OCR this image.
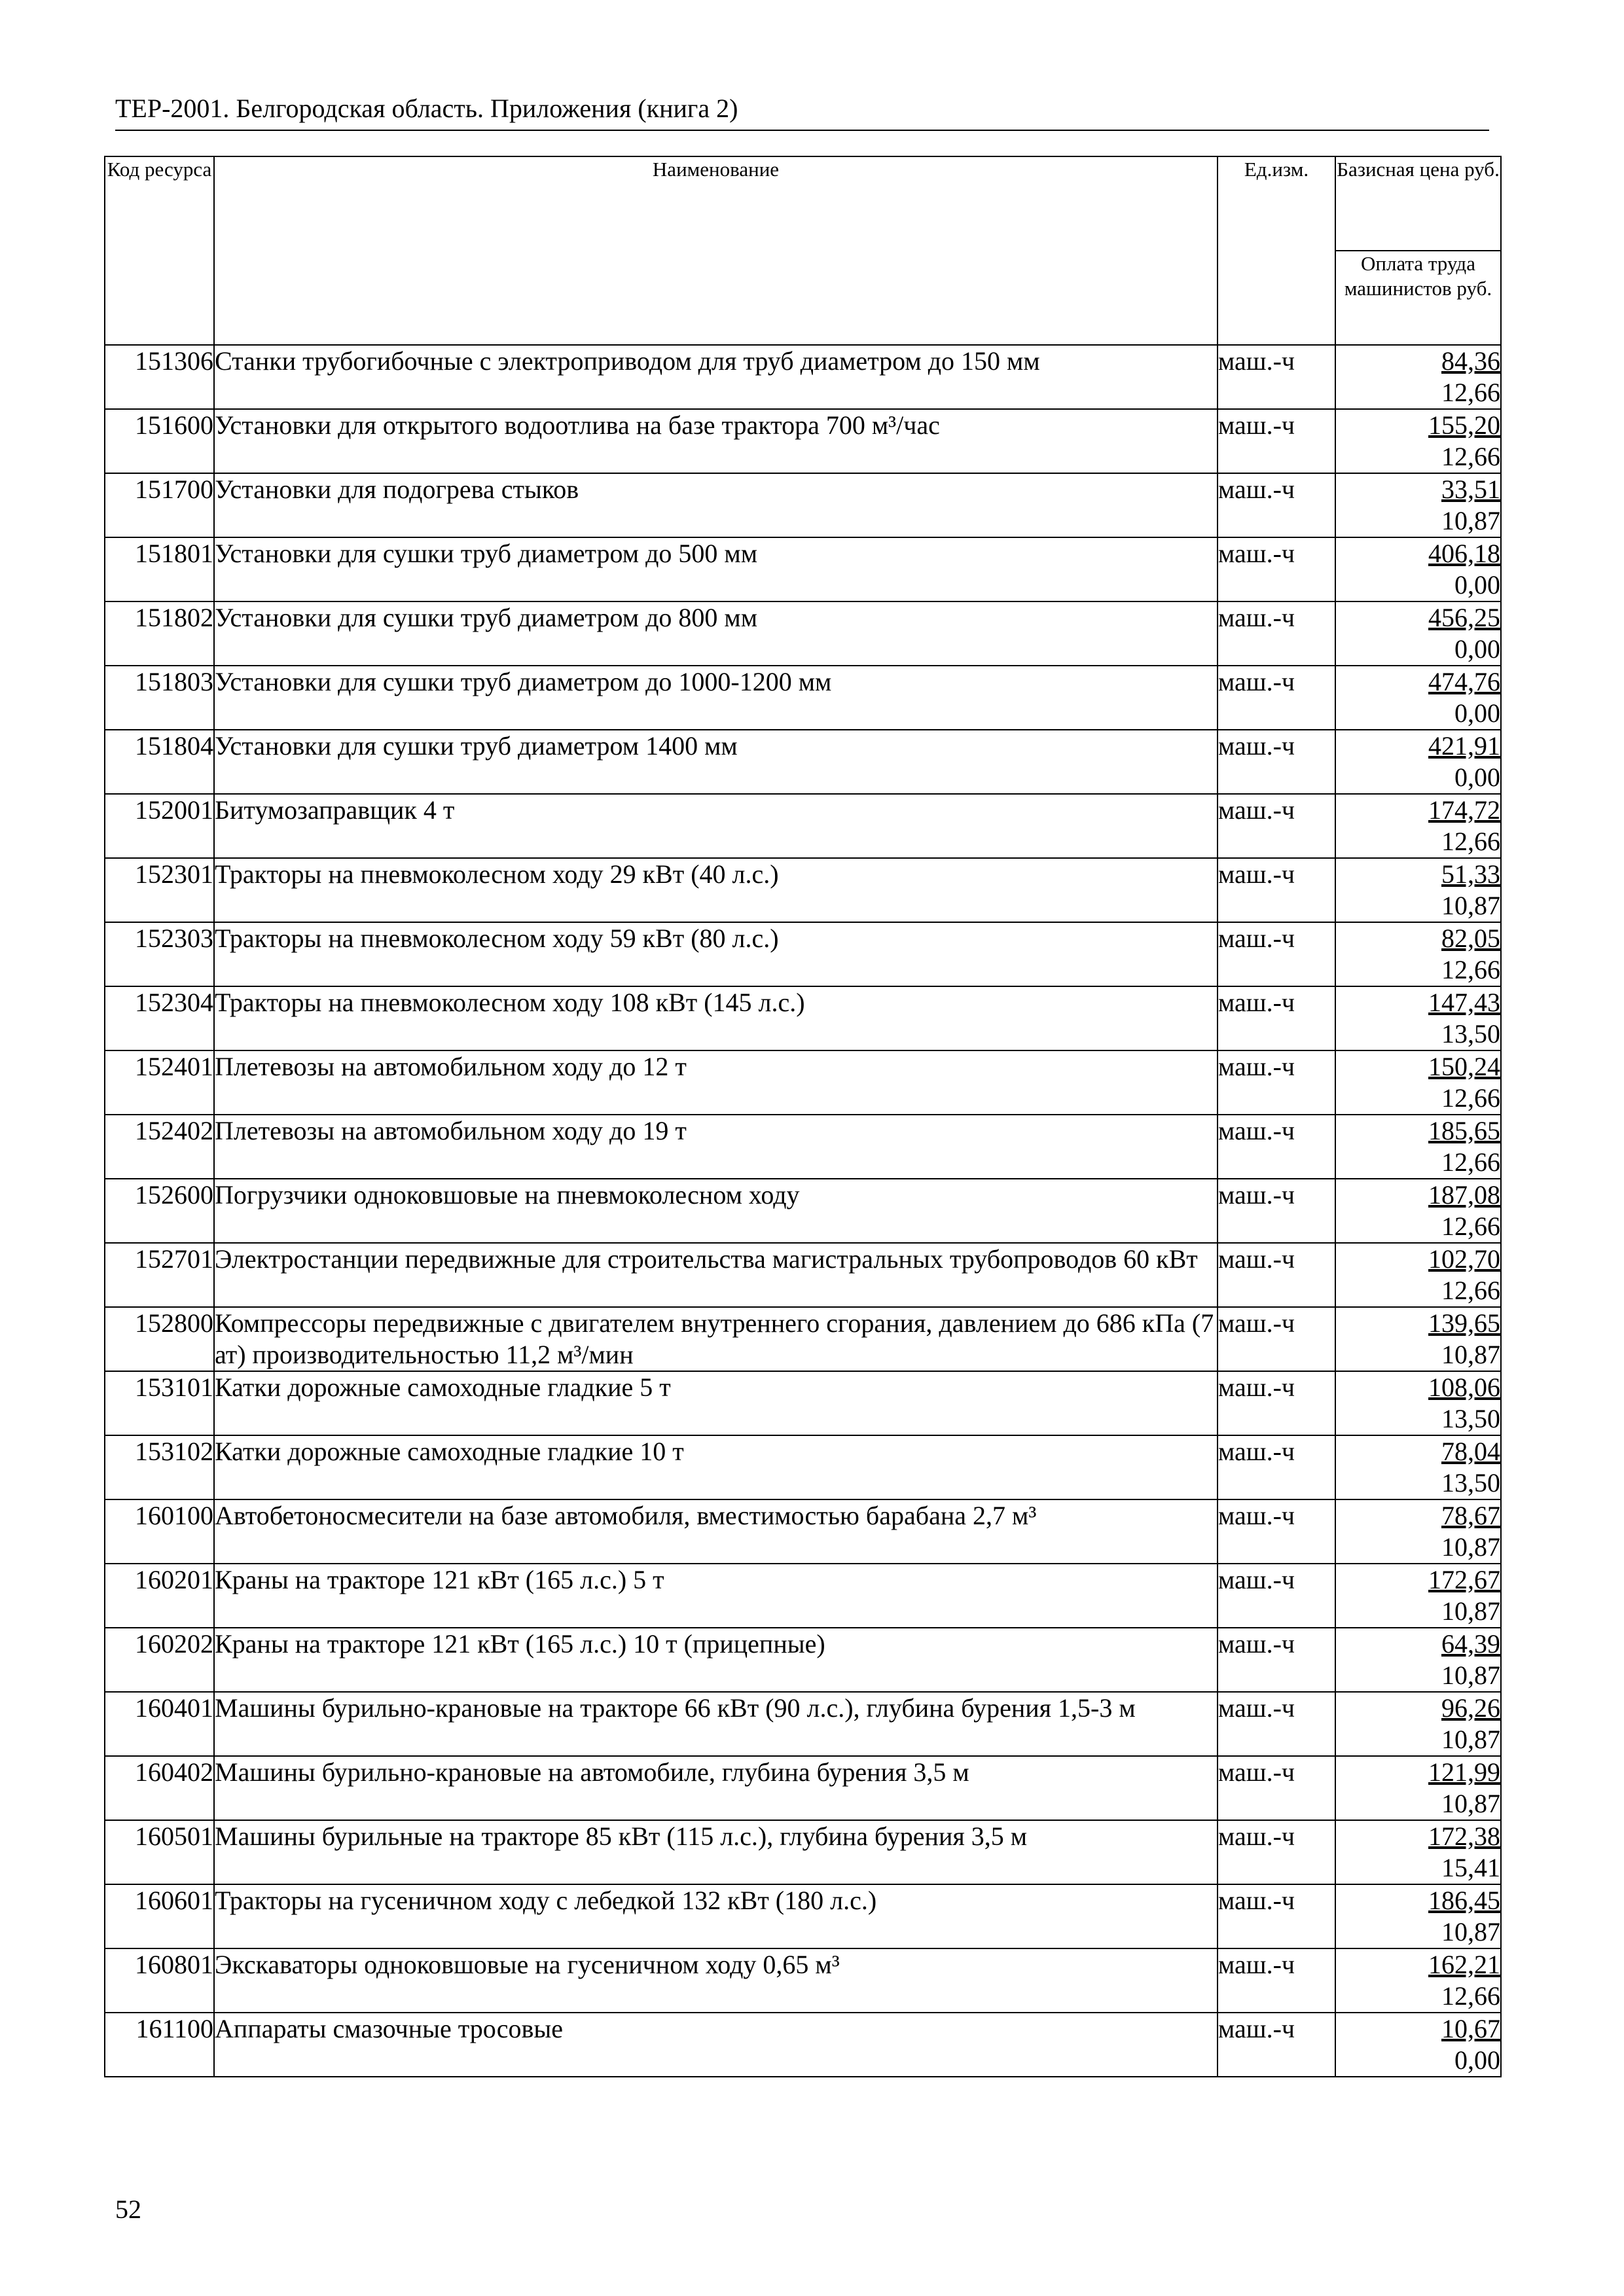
ТЕР-2001. Белгородская область. Приложения (книга 2)
Код ресурса	Наименование	Ед.изм.	Базисная цена руб.
			Оплата труда машинистов руб.
151306	Станки трубогибочные с электроприводом для труб диаметром до 150 мм	маш.-ч	84,36
12,66

151600	Установки для открытого водоотлива на базе трактора 700 м³/час	маш.-ч	155,20
12,66

151700	Установки для подогрева стыков	маш.-ч	33,51
10,87

151801	Установки для сушки труб диаметром до 500 мм	маш.-ч	406,18
0,00

151802	Установки для сушки труб диаметром до 800 мм	маш.-ч	456,25
0,00

151803	Установки для сушки труб диаметром до 1000-1200 мм	маш.-ч	474,76
0,00

151804	Установки для сушки труб диаметром 1400 мм	маш.-ч	421,91
0,00

152001	Битумозаправщик 4 т	маш.-ч	174,72
12,66

152301	Тракторы на пневмоколесном ходу 29 кВт (40 л.с.)	маш.-ч	51,33
10,87

152303	Тракторы на пневмоколесном ходу 59 кВт (80 л.с.)	маш.-ч	82,05
12,66

152304	Тракторы на пневмоколесном ходу 108 кВт (145 л.с.)	маш.-ч	147,43
13,50

152401	Плетевозы на автомобильном ходу до 12 т	маш.-ч	150,24
12,66

152402	Плетевозы на автомобильном ходу до 19 т	маш.-ч	185,65
12,66

152600	Погрузчики одноковшовые на пневмоколесном ходу	маш.-ч	187,08
12,66

152701	Электростанции передвижные для строительства магистральных трубопроводов 60 кВт	маш.-ч	102,70
12,66

152800	Компрессоры передвижные с двигателем внутреннего сгорания, давлением до 686 кПа (7 ат) производительностью 11,2 м³/мин	маш.-ч	139,65
10,87

153101	Катки дорожные самоходные гладкие 5 т	маш.-ч	108,06
13,50

153102	Катки дорожные самоходные гладкие 10 т	маш.-ч	78,04
13,50

160100	Автобетоносмесители на базе автомобиля, вместимостью барабана 2,7 м³	маш.-ч	78,67
10,87

160201	Краны на тракторе 121 кВт (165 л.с.) 5 т	маш.-ч	172,67
10,87

160202	Краны на тракторе 121 кВт (165 л.с.) 10 т (прицепные)	маш.-ч	64,39
10,87

160401	Машины бурильно-крановые на тракторе 66 кВт (90 л.с.), глубина бурения 1,5-3 м	маш.-ч	96,26
10,87

160402	Машины бурильно-крановые на автомобиле, глубина бурения 3,5 м	маш.-ч	121,99
10,87

160501	Машины бурильные на тракторе 85 кВт (115 л.с.), глубина бурения 3,5 м	маш.-ч	172,38
15,41

160601	Тракторы на гусеничном ходу с лебедкой 132 кВт (180 л.с.)	маш.-ч	186,45
10,87

160801	Экскаваторы одноковшовые на гусеничном ходу 0,65 м³	маш.-ч	162,21
12,66

161100	Аппараты смазочные тросовые	маш.-ч	10,67
0,00
52
